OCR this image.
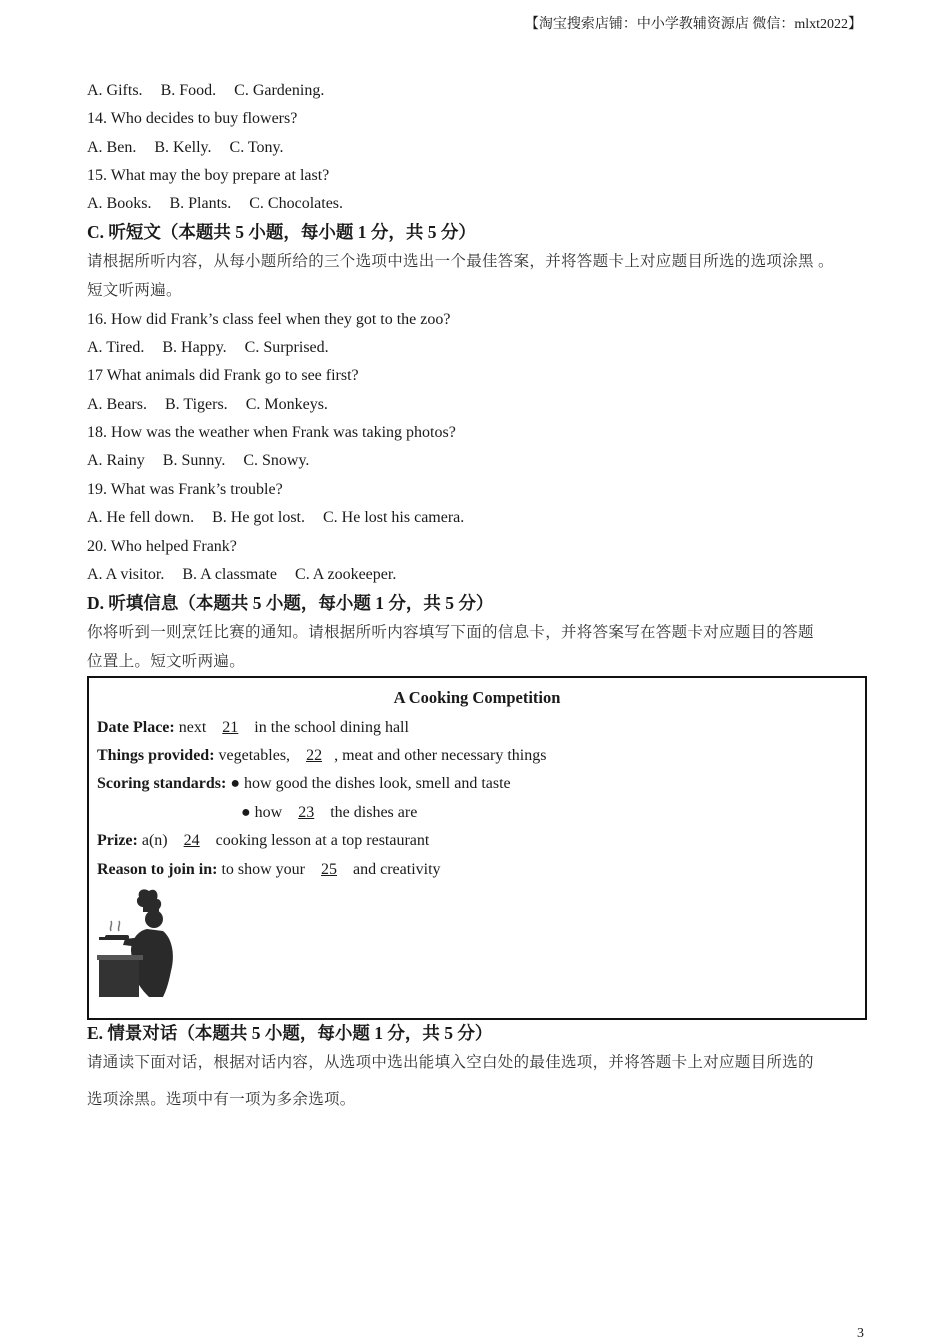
【淘宝搜索店铺：中小学教辅资源店 微信：mlxt2022】
A. Gifts. B. Food. C. Gardening.
14. Who decides to buy flowers?
A. Ben. B. Kelly. C. Tony.
15. What may the boy prepare at last?
A. Books. B. Plants. C. Chocolates.
C. 听短文（本题共 5 小题，每小题 1 分，共 5 分）
请根据所听内容，从每小题所给的三个选项中选出一个最佳答案，并将答题卡上对应题目所选的选项涂黑 。
短文听两遍。
16. How did Frank’s class feel when they got to the zoo?
A. Tired. B. Happy. C. Surprised.
17 What animals did Frank go to see first?
A. Bears. B. Tigers. C. Monkeys.
18. How was the weather when Frank was taking photos?
A. Rainy B. Sunny. C. Snowy.
19. What was Frank’s trouble?
A. He fell down. B. He got lost. C. He lost his camera.
20. Who helped Frank?
A. A visitor. B. A classmate C. A zookeeper.
D. 听填信息（本题共 5 小题，每小题 1 分，共 5 分）
你将听到一则烹饪比赛的通知。请根据所听内容填写下面的信息卡，并将答案写在答题卡对应题目的答题
位置上。短文听两遍。
E. 情景对话（本题共 5 小题，每小题 1 分，共 5 分）
请通读下面对话，根据对话内容，从选项中选出能填入空白处的最佳选项，并将答题卡上对应题目所选的
选项涂黑。选项中有一项为多余选项。
A Cooking Competition
Date Place: next 21 in the school dining hall
Things provided: vegetables, 22 , meat and other necessary things
Scoring standards: ● how good the dishes look, smell and taste
● how 23 the dishes are
Prize: a(n) 24 cooking lesson at a top restaurant
Reason to join in: to show your 25 and creativity
3
